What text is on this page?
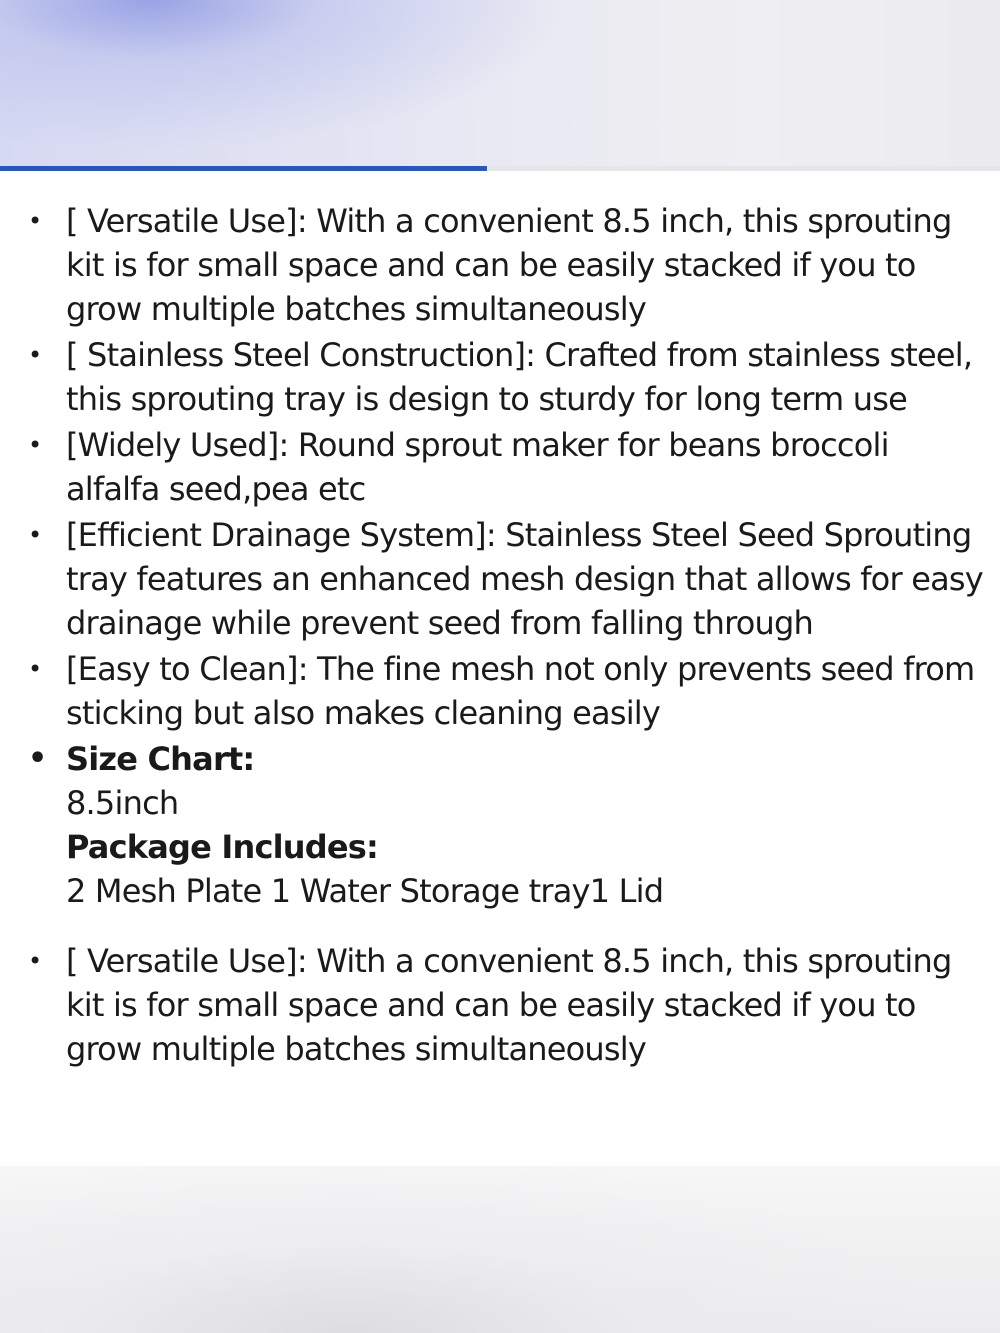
• [ Versatile Use]: With a convenient 8.5 inch, this sprouting kit is for small space and can be easily stacked if you to grow multiple batches simultaneously
• [ Stainless Steel Construction]: Crafted from stainless steel, this sprouting tray is design to sturdy for long term use
• [Widely Used]: Round sprout maker for beans broccoli alfalfa seed,pea etc
• [Efficient Drainage System]: Stainless Steel Seed Sprouting tray features an enhanced mesh design that allows for easy drainage while prevent seed from falling through
• [Easy to Clean]: The fine mesh not only prevents seed from sticking but also makes cleaning easily
• Size Chart:
8.5inch
Package Includes:
2 Mesh Plate 1 Water Storage tray1 Lid
• [ Versatile Use]: With a convenient 8.5 inch, this sprouting kit is for small space and can be easily stacked if you to grow multiple batches simultaneously
